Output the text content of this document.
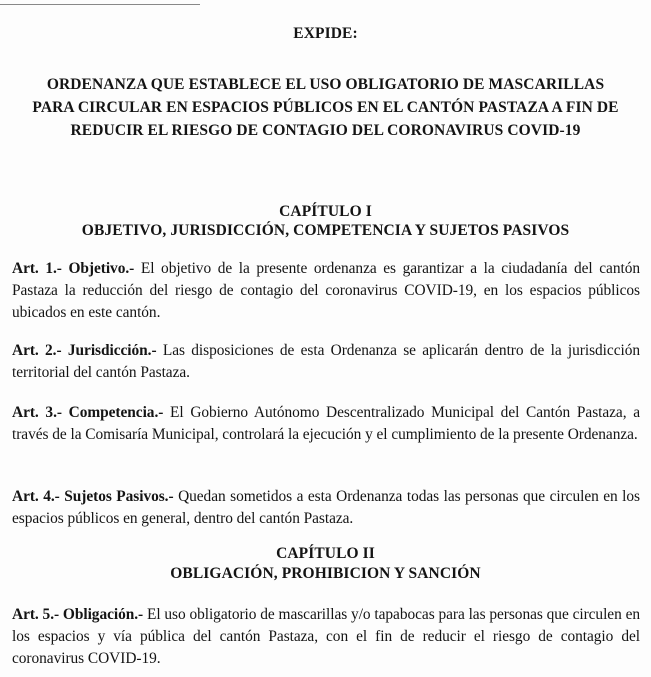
EXPIDE:
ORDENANZA QUE ESTABLECE EL USO OBLIGATORIO DE MASCARILLAS
PARA CIRCULAR EN ESPACIOS PÚBLICOS EN EL CANTÓN PASTAZA A FIN DE
REDUCIR EL RIESGO DE CONTAGIO DEL CORONAVIRUS COVID-19
CAPÍTULO I
OBJETIVO, JURISDICCIÓN, COMPETENCIA Y SUJETOS PASIVOS
Art. 1.- Objetivo.- El objetivo de la presente ordenanza es garantizar a la ciudadanía del cantón Pastaza la reducción del riesgo de contagio del coronavirus COVID-19, en los espacios públicos ubicados en este cantón.
Art. 2.- Jurisdicción.- Las disposiciones de esta Ordenanza se aplicarán dentro de la jurisdicción territorial del cantón Pastaza.
Art. 3.- Competencia.- El Gobierno Autónomo Descentralizado Municipal del Cantón Pastaza, a través de la Comisaría Municipal, controlará la ejecución y el cumplimiento de la presente Ordenanza.
Art. 4.- Sujetos Pasivos.- Quedan sometidos a esta Ordenanza todas las personas que circulen en los espacios públicos en general, dentro del cantón Pastaza.
CAPÍTULO II
OBLIGACIÓN, PROHIBICION Y SANCIÓN
Art. 5.- Obligación.- El uso obligatorio de mascarillas y/o tapabocas para las personas que circulen en los espacios y vía pública del cantón Pastaza, con el fin de reducir el riesgo de contagio del coronavirus COVID-19.
